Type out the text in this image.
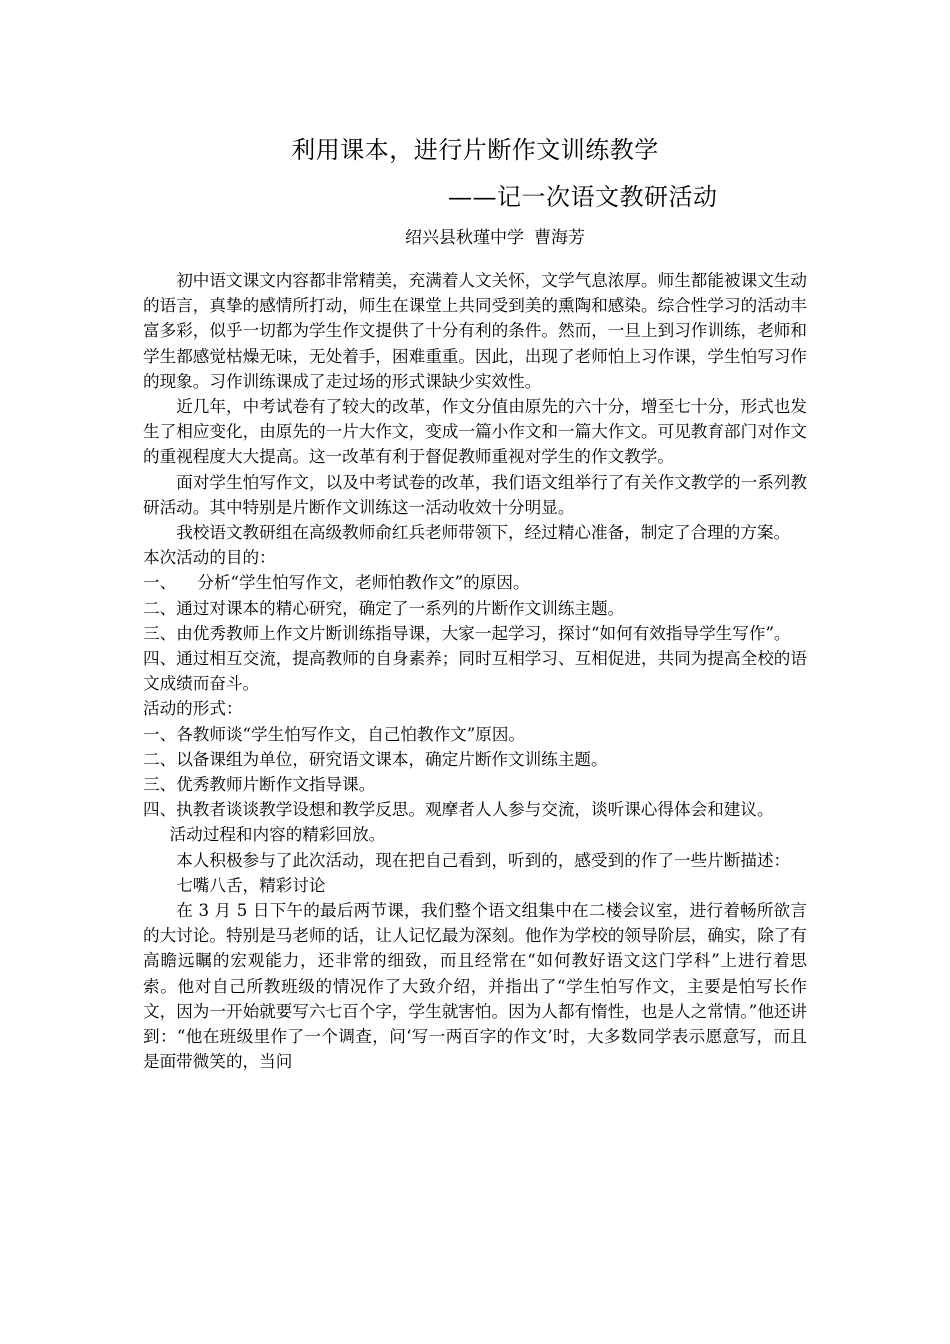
利用课本，进行片断作文训练教学
——记一次语文教研活动
绍兴县秋瑾中学 曹海芳

初中语文课文内容都非常精美，充满着人文关怀，文学气息浓厚。师生都能被课文生动的语言，真挚的感情所打动，师生在课堂上共同受到美的熏陶和感染。综合性学习的活动丰富多彩，似乎一切都为学生作文提供了十分有利的条件。然而，一旦上到习作训练，老师和学生都感觉枯燥无味，无处着手，困难重重。因此，出现了老师怕上习作课，学生怕写习作的现象。习作训练课成了走过场的形式课缺少实效性。

近几年，中考试卷有了较大的改革，作文分值由原先的六十分，增至七十分，形式也发生了相应变化，由原先的一片大作文，变成一篇小作文和一篇大作文。可见教育部门对作文的重视程度大大提高。这一改革有利于督促教师重视对学生的作文教学。

面对学生怕写作文，以及中考试卷的改革，我们语文组举行了有关作文教学的一系列教研活动。其中特别是片断作文训练这一活动收效十分明显。

我校语文教研组在高级教师俞红兵老师带领下，经过精心准备，制定了合理的方案。

本次活动的目的：

一、 分析“学生怕写作文，老师怕教作文”的原因。

二、通过对课本的精心研究，确定了一系列的片断作文训练主题。

三、由优秀教师上作文片断训练指导课，大家一起学习，探讨“如何有效指导学生写作”。

四、通过相互交流，提高教师的自身素养；同时互相学习、互相促进，共同为提高全校的语文成绩而奋斗。

活动的形式：

一、各教师谈“学生怕写作文，自己怕教作文”原因。

二、以备课组为单位，研究语文课本，确定片断作文训练主题。

三、优秀教师片断作文指导课。

四、执教者谈谈教学设想和教学反思。观摩者人人参与交流，谈听课心得体会和建议。

活动过程和内容的精彩回放。

本人积极参与了此次活动，现在把自己看到，听到的，感受到的作了一些片断描述：

七嘴八舌，精彩讨论

在 3 月 5 日下午的最后两节课，我们整个语文组集中在二楼会议室，进行着畅所欲言的大讨论。特别是马老师的话，让人记忆最为深刻。他作为学校的领导阶层，确实，除了有高瞻远瞩的宏观能力，还非常的细致，而且经常在“如何教好语文这门学科”上进行着思索。他对自己所教班级的情况作了大致介绍，并指出了“学生怕写作文，主要是怕写长作文，因为一开始就要写六七百个字，学生就害怕。因为人都有惰性，也是人之常情。”他还讲到：“他在班级里作了一个调查，问‘写一两百字的作文’时，大多数同学表示愿意写，而且是面带微笑的，当问
